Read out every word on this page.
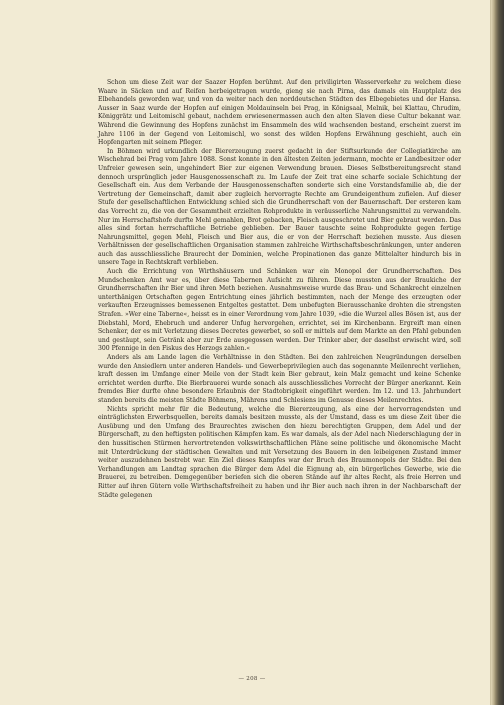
Schon um diese Zeit war der Saazer Hopfen berühmt. Auf den priviligirten Wasserverkehr zu welchem diese Waare in Säcken und auf Reifen herbeigetragen wurde, gieng sie nach Pirna, das damals ein Hauptplatz des Elbehandels geworden war, und von da weiter nach den norddeutschen Städten des Elbegebietes und der Hansa. Ausser in Saaz wurde der Hopfen auf einigen Moldauinseln bei Prag, in Königsaal, Melnik, bei Klattau, Chrudim, Königgrätz und Leitomischl gebaut, nachdem erwiesenermassen auch den alten Slaven diese Cultur bekannt war. Während die Gewinnung des Hopfens zunächst im Ensammeln des wild wachsenden bestand, erscheint zuerst im Jahre 1106 in der Gegend von Leitomischl, wo sonst des wilden Hopfens Erwähnung geschieht, auch ein Hopfengarten mit seinem Pfleger.

In Böhmen wird urkundlich der Biererzeugung zuerst gedacht in der Stiftsurkunde der Collegiatkirche am Wischehrad bei Prag vom Jahre 1088. Sonst konnte in den ältesten Zeiten jedermann, mochte er Landbesitzer oder Unfreier gewesen sein, ungehindert Bier zur eigenen Verwendung brauen. Dieses Selbstbereitungsrecht stand dennoch ursprünglich jeder Hausgenossenschaft zu. Im Laufe der Zeit trat eine scharfe sociale Schichtung der Gesellschaft ein. Aus dem Verbande der Hausgenossenschaften sonderte sich eine Vorstandsfamilie ab, die der Vertretung der Gemeinschaft, damit aber zugleich hervorragte Rechte am Grundeigenthum zufielen. Auf dieser Stufe der gesellschaftlichen Entwicklung schied sich die Grundherrschaft von der Bauernschaft. Der ersteren kam das Vorrecht zu, die von der Gesammtheit erzielten Rohprodukte in veräusserliche Nahrungsmittel zu verwandeln. Nur im Herrschaftshofe durfte Mehl gemahlen, Brot gebacken, Fleisch ausgeschrotet und Bier gebraut werden. Das alles sind fortan herrschaftliche Betriebe geblieben. Der Bauer tauschte seine Rohprodukte gegen fertige Nahrungsmittel, gegen Mehl, Fleisch und Bier aus, die er von der Herrschaft beziehen musste. Aus diesen Verhältnissen der gesellschaftlichen Organisation stammen zahlreiche Wirthschaftsbeschränkungen, unter anderen auch das ausschliessliche Braurecht der Dominien, welche Propinationen das ganze Mittelalter hindurch bis in unsere Tage in Rechtskraft verblieben.

Auch die Errichtung von Wirthshäusern und Schänken war ein Monopol der Grundherrschaften. Des Mundschenken Amt war es, über diese Tabernen Aufsicht zu führen. Diese mussten aus der Braukiche der Grundherrschaften ihr Bier und ihren Meth beziehen. Ausnahmsweise wurde das Brau- und Schankrecht einzelnen unterthänigen Ortschaften gegen Entrichtung eines jährlich bestimmten, nach der Menge des erzeugten oder verkauften Erzeugnisses bemessenen Entgeltes gestattet. Dem unbefugten Bierausschanke drohten die strengsten Strafen. »Wer eine Taberne«, heisst es in einer Verordnung vom Jahre 1039, »die die Wurzel alles Bösen ist, aus der Diebstahl, Mord, Ehebruch und anderer Unfug hervorgehen, errichtet, sei im Kirchenbann. Ergreift man einen Schenker, der es mit Verletzung dieses Decretes gewerbet, so soll er mittels auf dem Markte an den Pfahl gebunden und gestäupt, sein Getränk aber zur Erde ausgegossen werden. Der Trinker aber, der daselbst erwischt wird, soll 300 Pfennige in den Fiskus des Herzogs zahlen.«

Anders als am Lande lagen die Verhältnisse in den Städten. Bei den zahlreichen Neugründungen derselben wurde den Ansiedlern unter anderen Handels- und Gewerbeprivilegien auch das sogenannte Meilenrecht verliehen, kraft dessen im Umfange einer Meile von der Stadt kein Bier gebraut, kein Malz gemacht und keine Schenke errichtet werden durfte. Die Bierbrauerei wurde sonach als ausschliessliches Vorrecht der Bürger anerkannt. Kein fremdes Bier durfte ohne besondere Erlaubnis der Stadtobrigkeit eingeführt werden. Im 12. und 13. Jahrhundert standen bereits die meisten Städte Böhmens, Mährens und Schlesiens im Genusse dieses Meilenrechtes.

Nichts spricht mehr für die Bedeutung, welche die Biererzeugung, als eine der hervorragendsten und einträglichsten Erwerbsquellen, bereits damals besitzen musste, als der Umstand, dass es um diese Zeit über die Ausübung und den Umfang des Braurechtes zwischen den hiezu berechtigten Gruppen, dem Adel und der Bürgerschaft, zu den heftigsten politischen Kämpfen kam. Es war damals, als der Adel nach Niederschlagung der in den hussitischen Stürmen hervortretenden volkswirthschaftlichen Pläne seine politische und ökonomische Macht mit Unterdrückung der städtischen Gewalten und mit Versetzung des Bauern in den leibeigenen Zustand immer weiter auszudehnen bestrebt war. Ein Ziel dieses Kampfes war der Bruch des Braumonopols der Städte. Bei den Verhandlungen am Landtag sprachen die Bürger dem Adel die Eignung ab, ein bürgerliches Gewerbe, wie die Brauerei, zu betreiben. Demgegenüber beriefen sich die oberen Stände auf ihr altes Recht, als freie Herren und Ritter auf ihren Gütern volle Wirthschaftsfreiheit zu haben und ihr Bier auch nach ihren in der Nachbarschaft der Städte gelegenen

— 208 —
